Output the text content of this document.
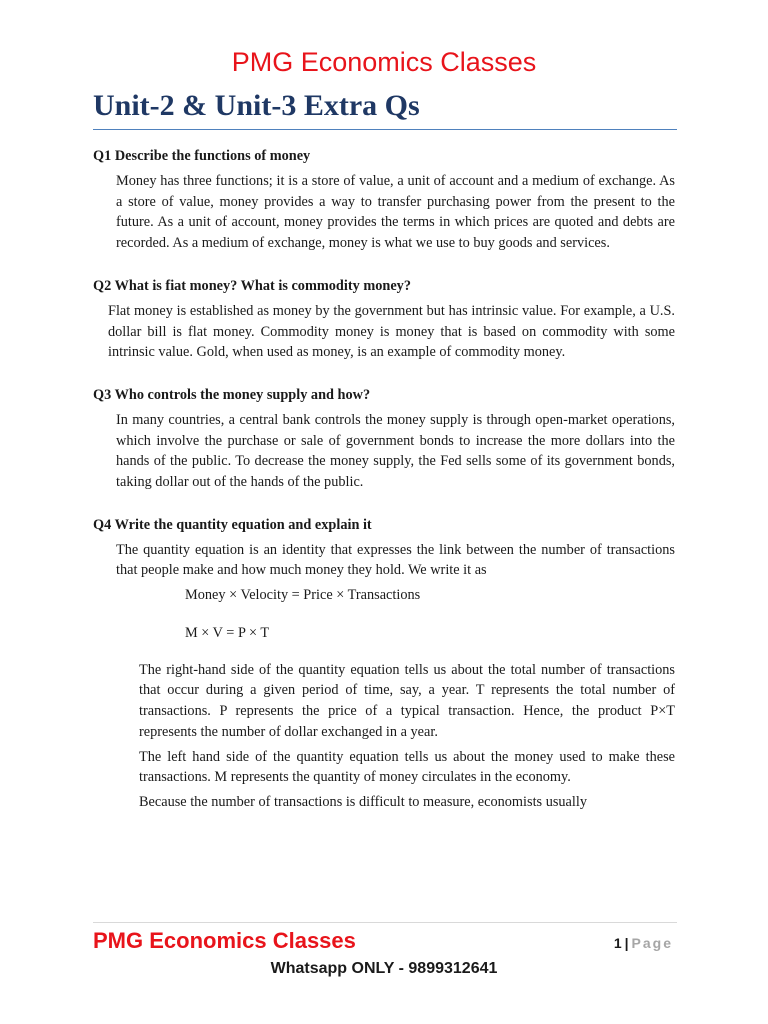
PMG Economics Classes
Unit-2 & Unit-3 Extra Qs

Q1 Describe the functions of money

Money has three functions; it is a store of value, a unit of account and a medium of exchange. As a store of value, money provides a way to transfer purchasing power from the present to the future. As a unit of account, money provides the terms in which prices are quoted and debts are recorded. As a medium of exchange, money is what we use to buy goods and services.

Q2 What is fiat money? What is commodity money?

Flat money is established as money by the government but has intrinsic value. For example, a U.S. dollar bill is flat money. Commodity money is money that is based on commodity with some intrinsic value. Gold, when used as money, is an example of commodity money.

Q3 Who controls the money supply and how?

In many countries, a central bank controls the money supply is through open-market operations, which involve the purchase or sale of government bonds to increase the more dollars into the hands of the public. To decrease the money supply, the Fed sells some of its government bonds, taking dollar out of the hands of the public.

Q4 Write the quantity equation and explain it

The quantity equation is an identity that expresses the link between the number of transactions that people make and how much money they hold. We write it as

Money × Velocity = Price × Transactions

M × V = P × T

The right-hand side of the quantity equation tells us about the total number of transactions that occur during a given period of time, say, a year. T represents the total number of transactions. P represents the price of a typical transaction. Hence, the product P×T represents the number of dollar exchanged in a year.

The left hand side of the quantity equation tells us about the money used to make these transactions. M represents the quantity of money circulates in the economy.

Because the number of transactions is difficult to measure, economists usually

PMG Economics Classes	1 | Page
Whatsapp ONLY - 9899312641
